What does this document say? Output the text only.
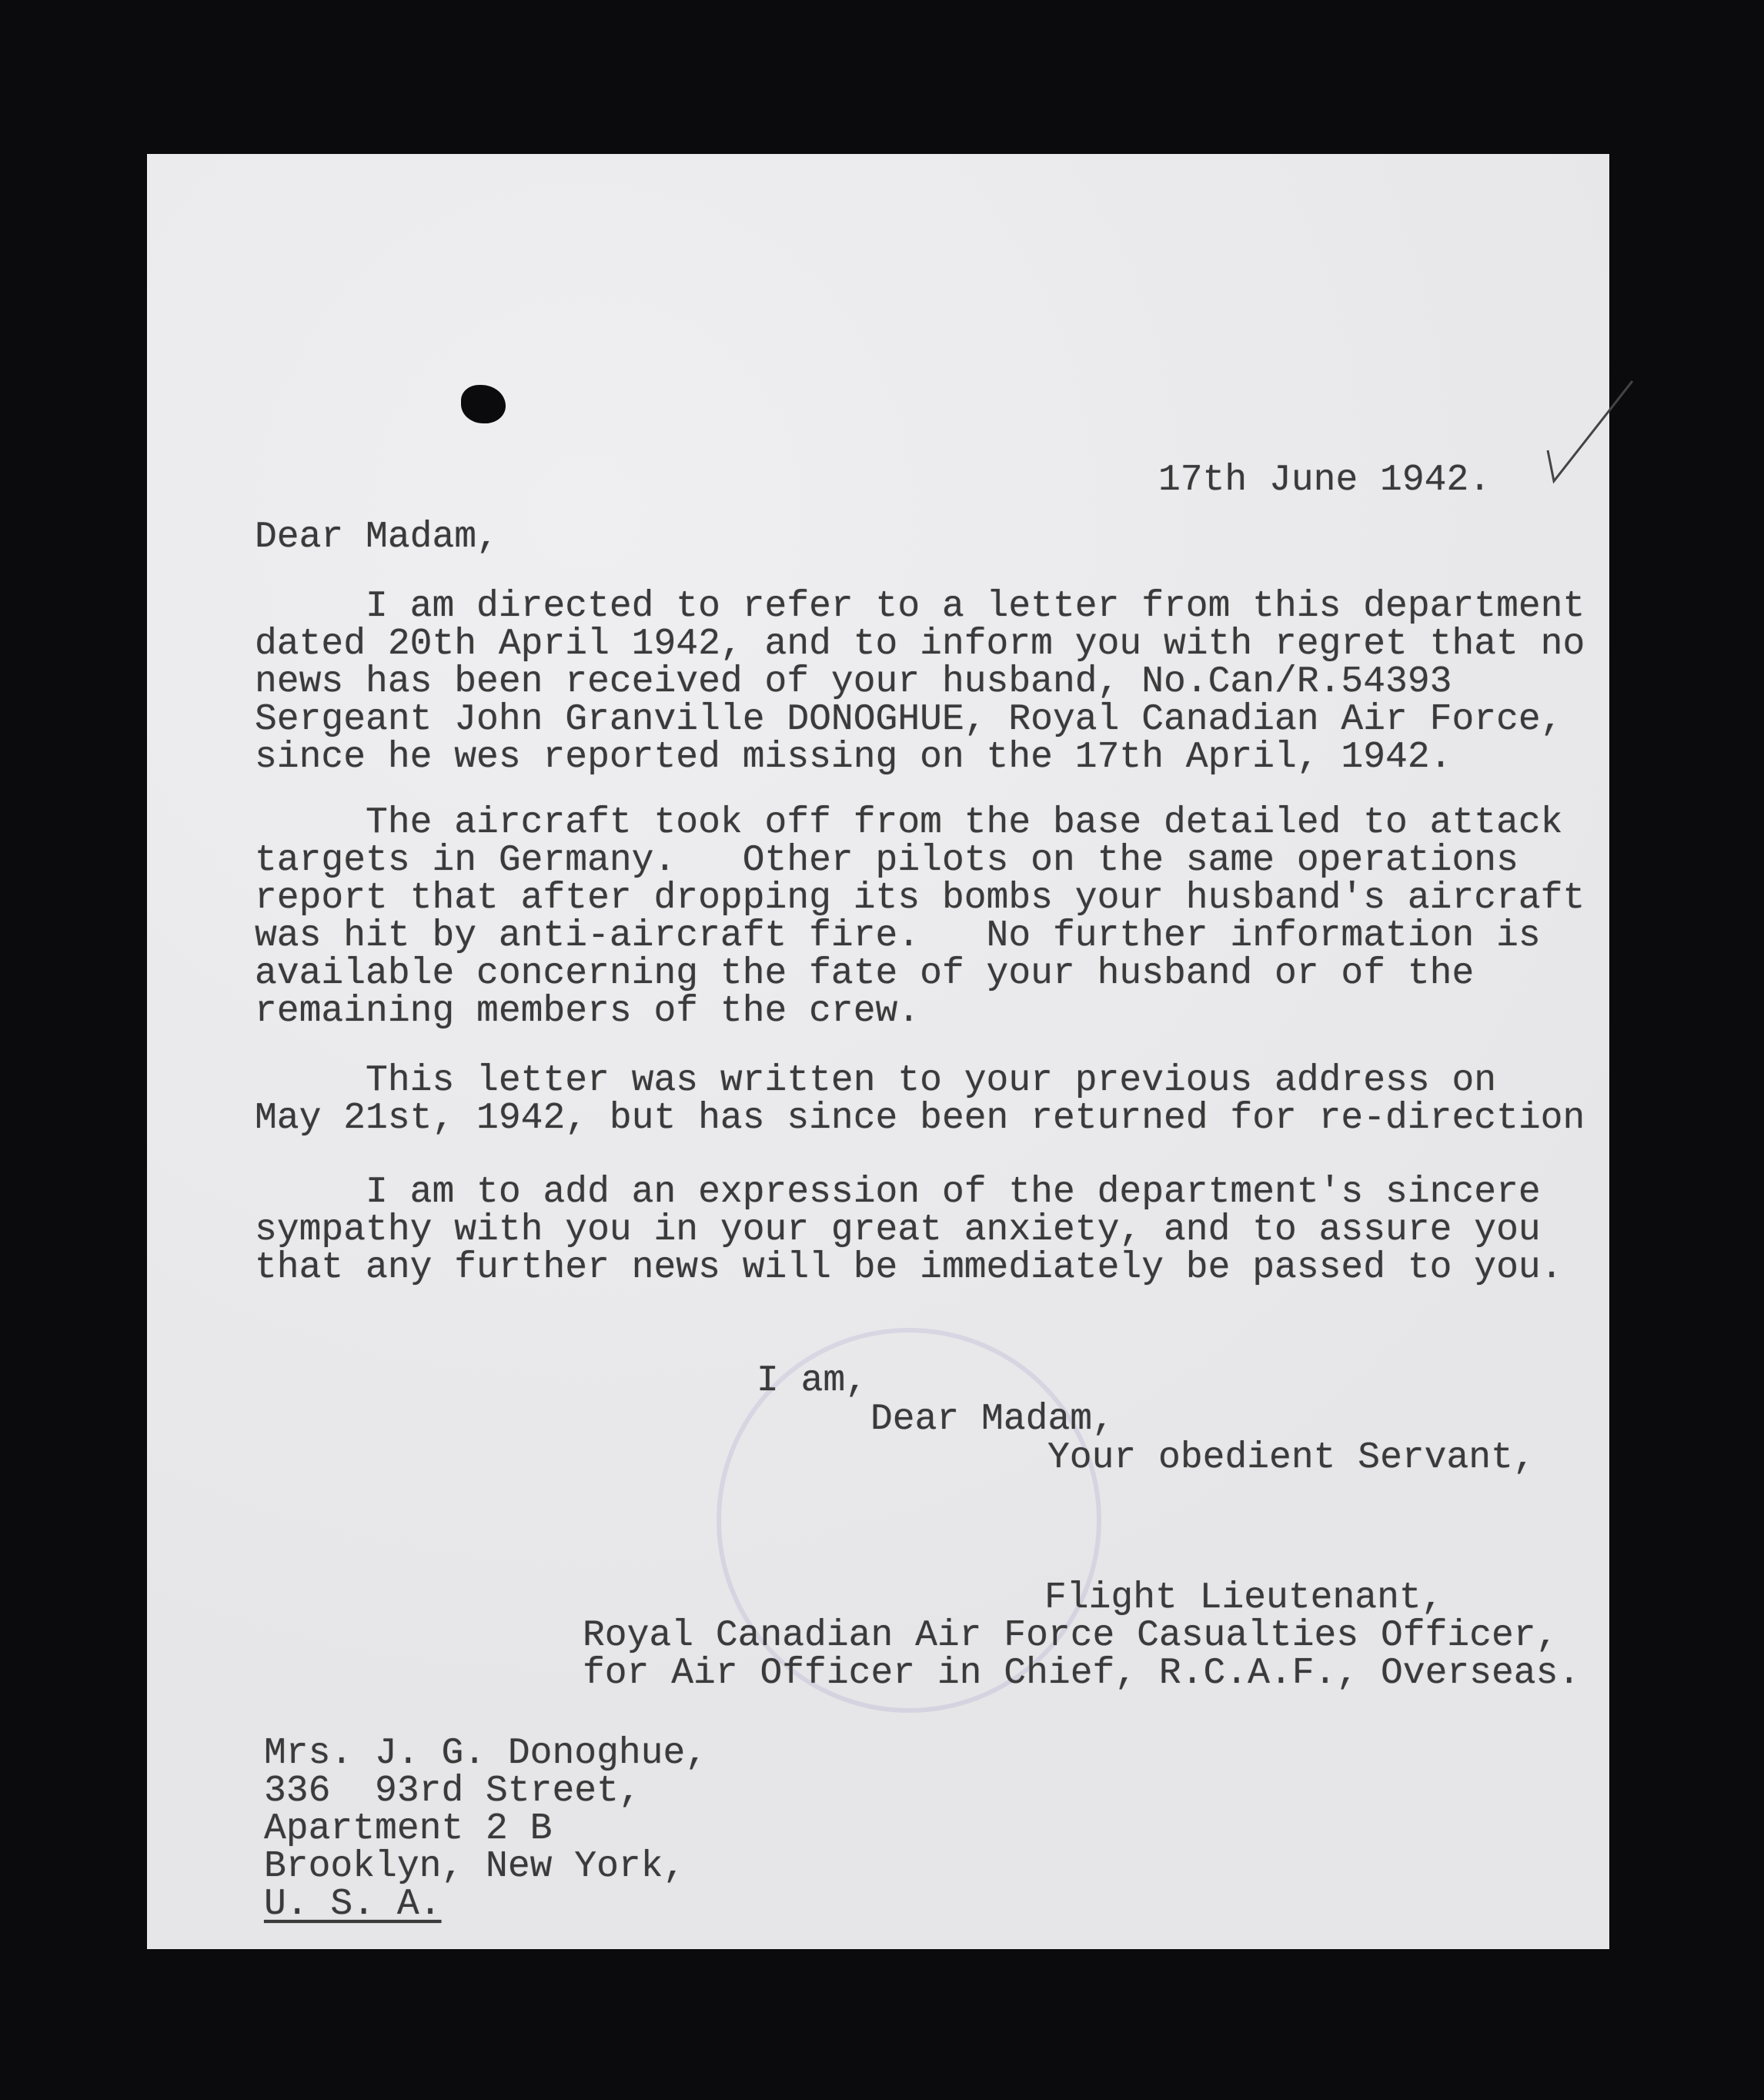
17th June 1942.
Dear Madam,
I am directed to refer to a letter from this department
dated 20th April 1942, and to inform you with regret that no
news has been received of your husband, No.Can/R.54393
Sergeant John Granville DONOGHUE, Royal Canadian Air Force,
since he wes reported missing on the 17th April, 1942.
The aircraft took off from the base detailed to attack
targets in Germany.   Other pilots on the same operations
report that after dropping its bombs your husband's aircraft
was hit by anti-aircraft fire.   No further information is
available concerning the fate of your husband or of the
remaining members of the crew.
This letter was written to your previous address on
May 21st, 1942, but has since been returned for re-direction
I am to add an expression of the department's sincere
sympathy with you in your great anxiety, and to assure you
that any further news will be immediately be passed to you.
I am,
Dear Madam,
Your obedient Servant,
Flight Lieutenant,
Royal Canadian Air Force Casualties Officer,
for Air Officer in Chief, R.C.A.F., Overseas.
Mrs. J. G. Donoghue,
336  93rd Street,
Apartment 2 B
Brooklyn, New York,
U. S. A.
